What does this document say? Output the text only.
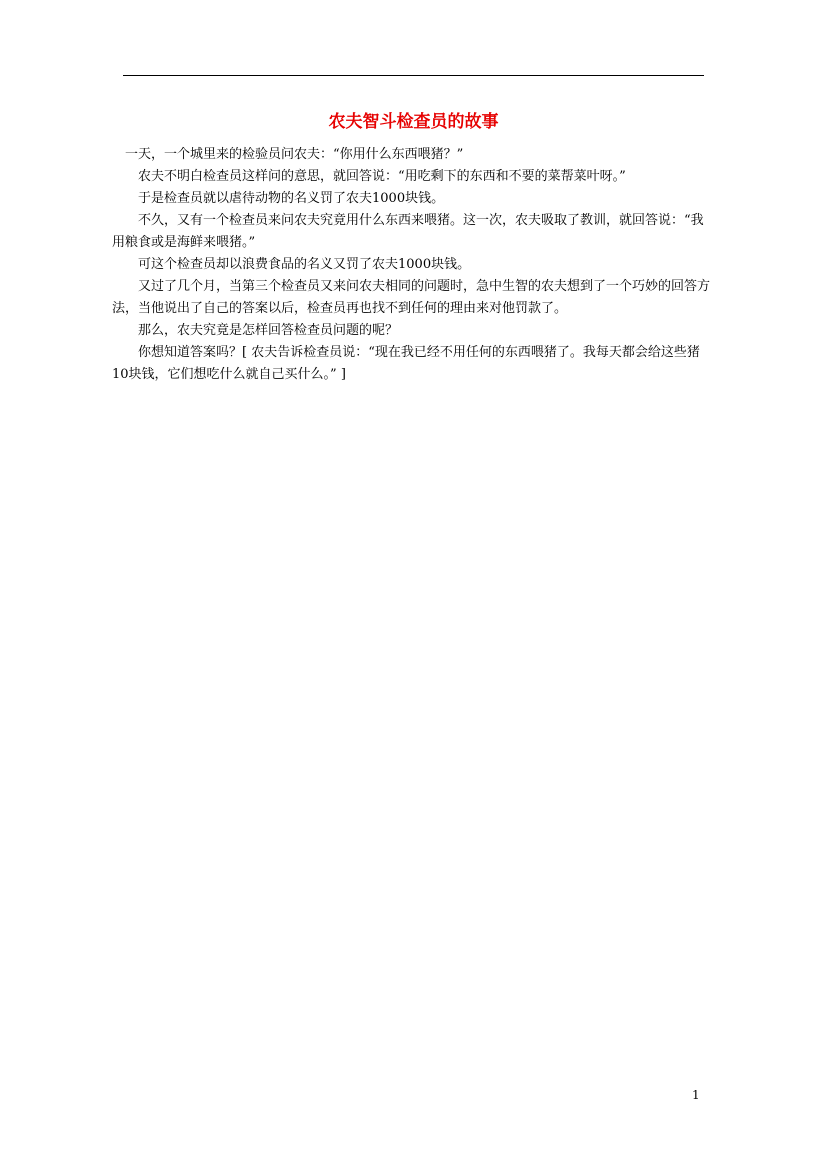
农夫智斗检查员的故事

一天，一个城里来的检验员问农夫：“你用什么东西喂猪？”

农夫不明白检查员这样问的意思，就回答说：“用吃剩下的东西和不要的菜帮菜叶呀。”

于是检查员就以虐待动物的名义罚了农夫1000块钱。

不久，又有一个检查员来问农夫究竟用什么东西来喂猪。这一次，农夫吸取了教训，就回答说：“我用粮食或是海鲜来喂猪。”

可这个检查员却以浪费食品的名义又罚了农夫1000块钱。

又过了几个月，当第三个检查员又来问农夫相同的问题时，急中生智的农夫想到了一个巧妙的回答方法，当他说出了自己的答案以后，检查员再也找不到任何的理由来对他罚款了。

那么，农夫究竟是怎样回答检查员问题的呢？

你想知道答案吗？[ 农夫告诉检查员说：“现在我已经不用任何的东西喂猪了。我每天都会给这些猪10块钱，它们想吃什么就自己买什么。” ]

1
